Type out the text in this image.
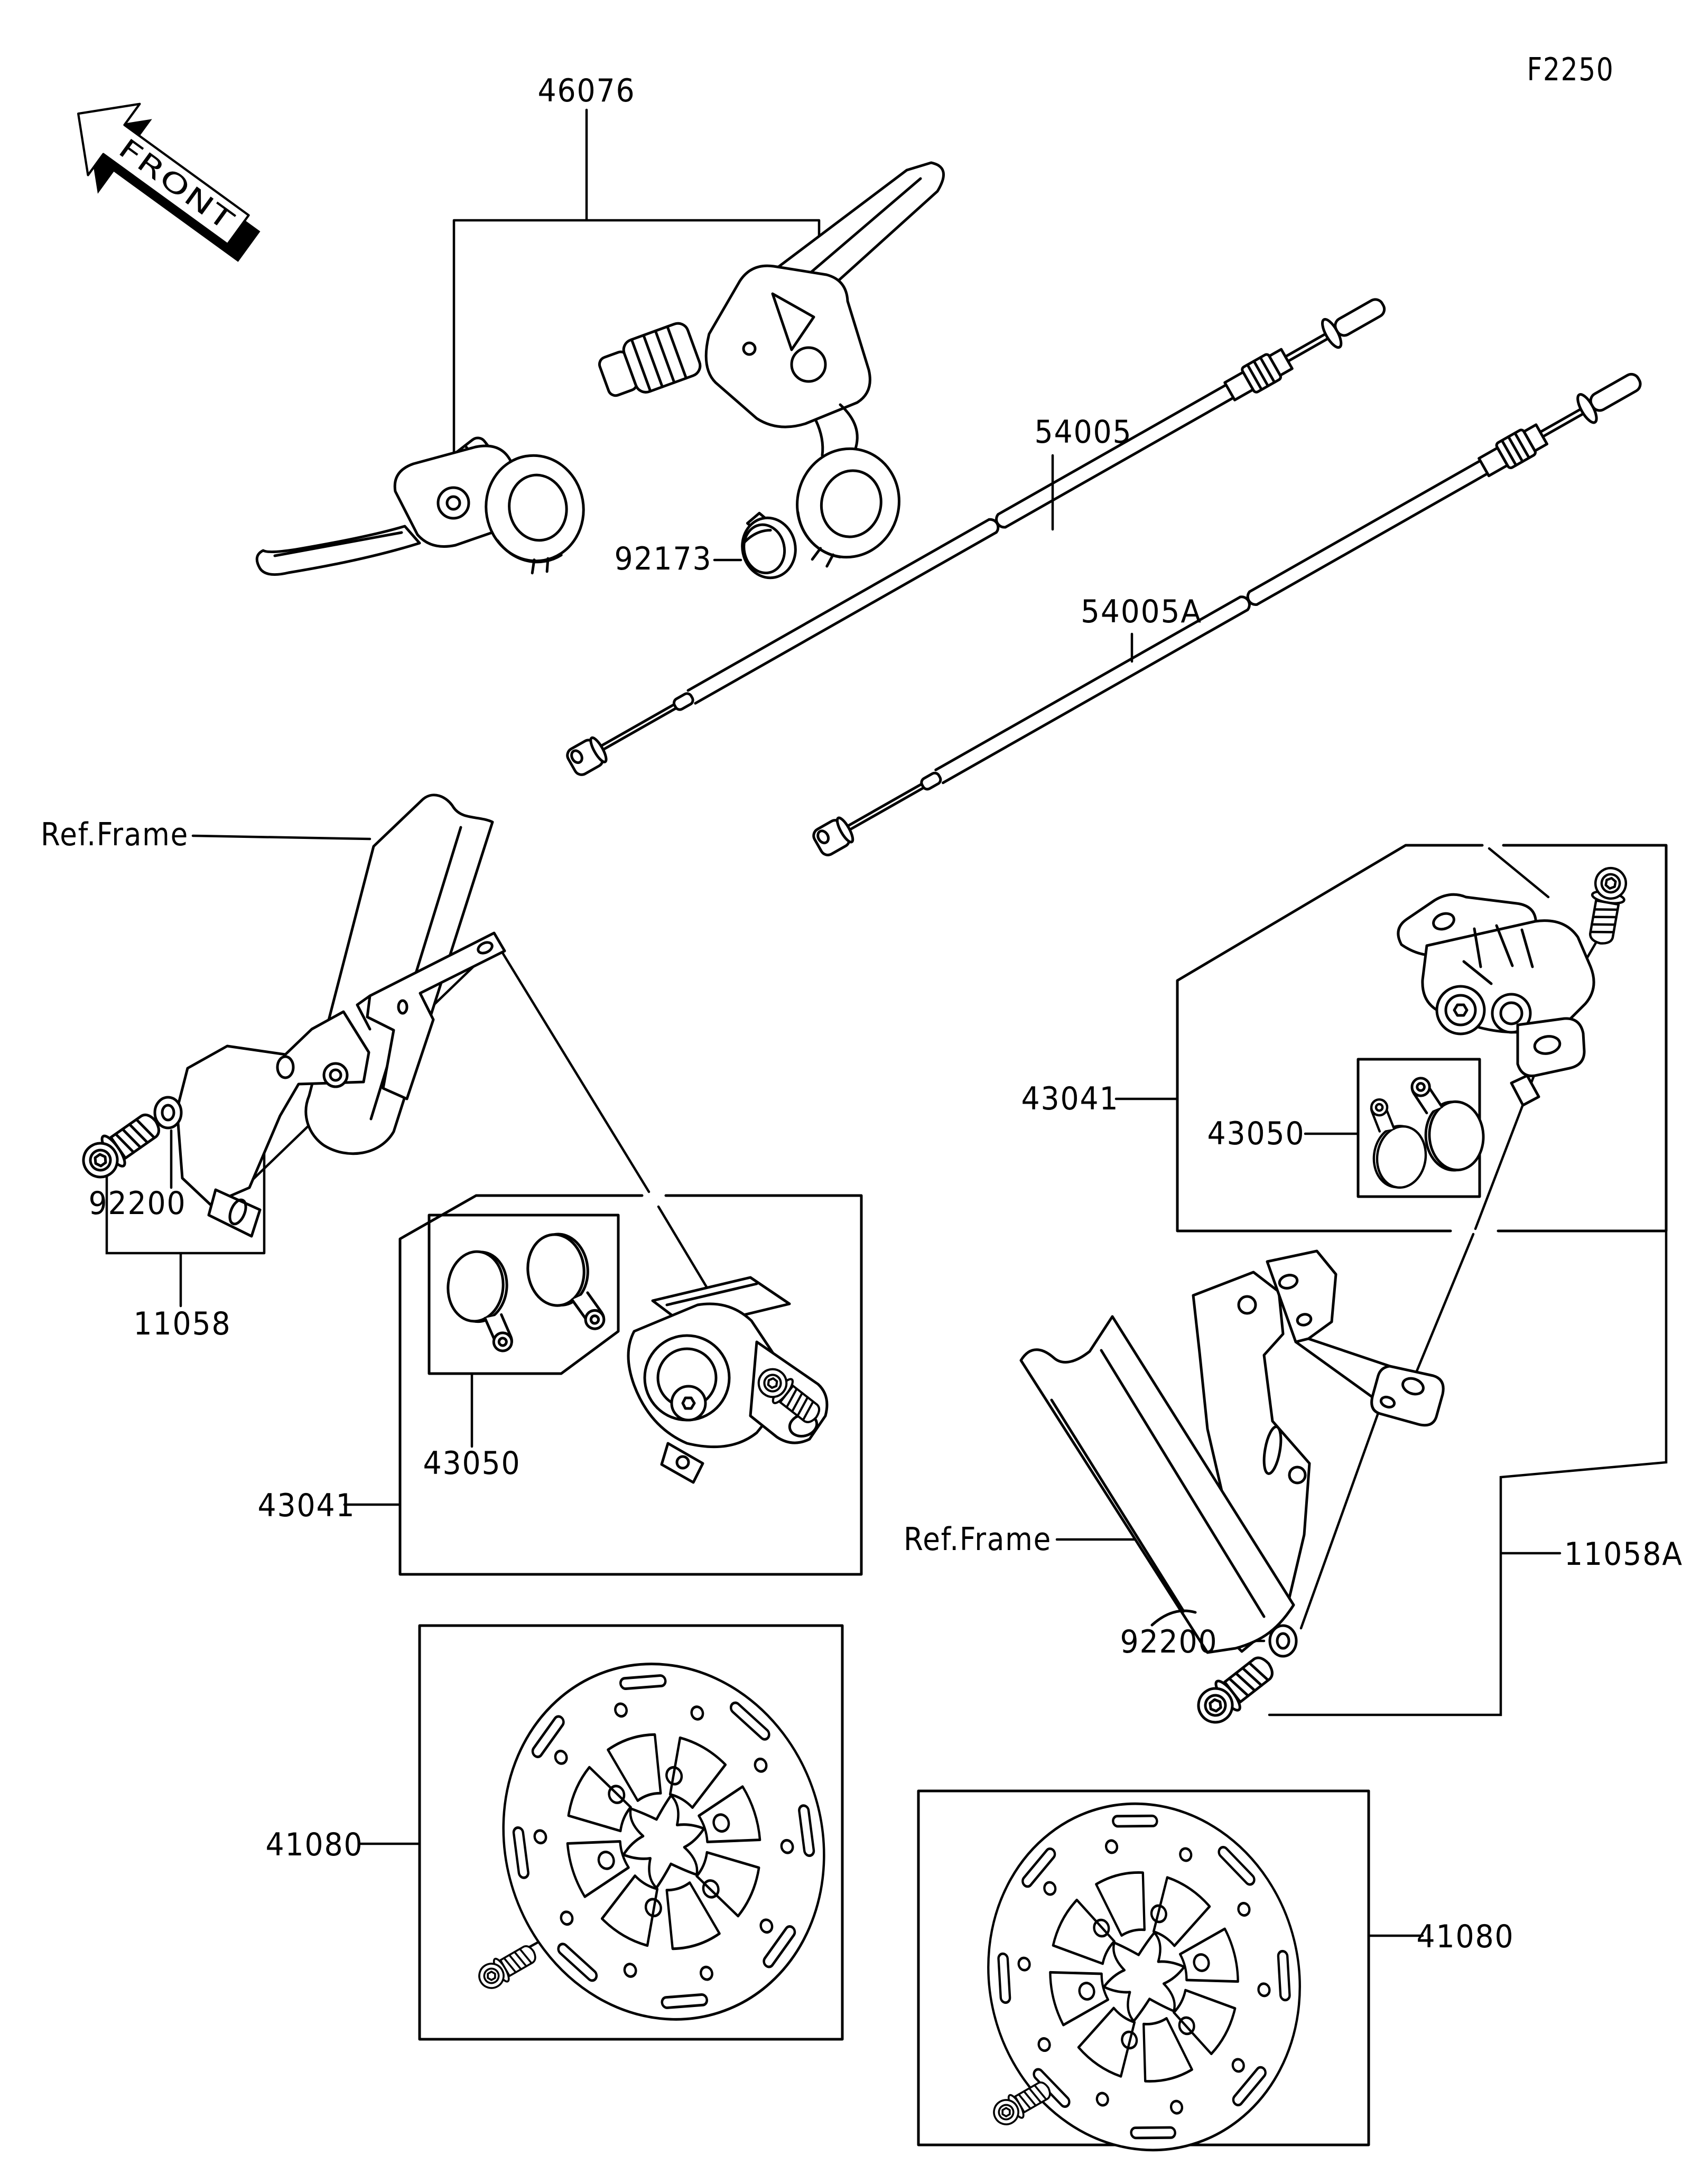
FRONT
F2250
46076
54005
54005A
92173
Ref.Frame
92200
11058
43050
43041
41080
43041
43050
Ref.Frame
92200
11058A
41080
